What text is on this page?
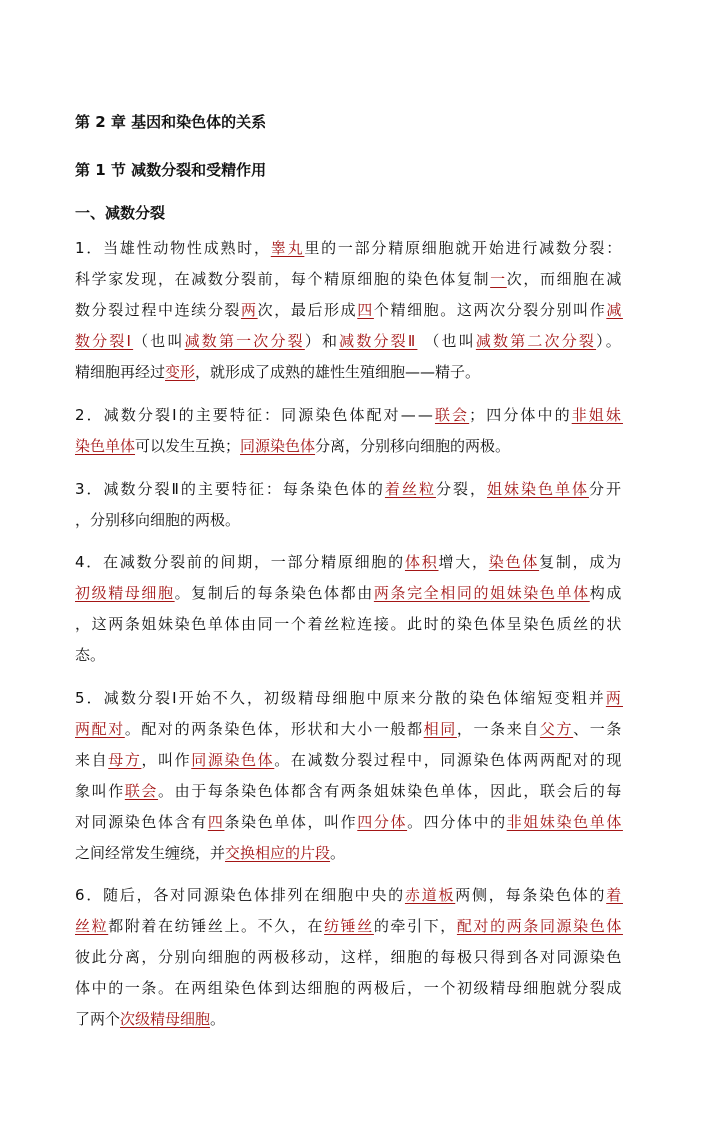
第 2 章 基因和染色体的关系
第 1 节 减数分裂和受精作用
一、减数分裂
1．当雄性动物性成熟时，睾丸里的一部分精原细胞就开始进行减数分裂：
科学家发现，在减数分裂前，每个精原细胞的染色体复制一次，而细胞在减
数分裂过程中连续分裂两次，最后形成四个精细胞。这两次分裂分别叫作减
数分裂Ⅰ（也叫减数第一次分裂）和减数分裂Ⅱ （也叫减数第二次分裂）。
精细胞再经过变形，就形成了成熟的雄性生殖细胞——精子。
2．减数分裂Ⅰ的主要特征：同源染色体配对——联会；四分体中的非姐妹
染色单体可以发生互换；同源染色体分离，分别移向细胞的两极。
3．减数分裂Ⅱ的主要特征：每条染色体的着丝粒分裂，姐妹染色单体分开
，分别移向细胞的两极。
4．在减数分裂前的间期，一部分精原细胞的体积增大，染色体复制，成为
初级精母细胞。复制后的每条染色体都由两条完全相同的姐妹染色单体构成
，这两条姐妹染色单体由同一个着丝粒连接。此时的染色体呈染色质丝的状
态。
5．减数分裂Ⅰ开始不久，初级精母细胞中原来分散的染色体缩短变粗并两
两配对。配对的两条染色体，形状和大小一般都相同，一条来自父方、一条
来自母方，叫作同源染色体。在减数分裂过程中，同源染色体两两配对的现
象叫作联会。由于每条染色体都含有两条姐妹染色单体，因此，联会后的每
对同源染色体含有四条染色单体，叫作四分体。四分体中的非姐妹染色单体
之间经常发生缠绕，并交换相应的片段。
6．随后，各对同源染色体排列在细胞中央的赤道板两侧，每条染色体的着
丝粒都附着在纺锤丝上。不久，在纺锤丝的牵引下，配对的两条同源染色体
彼此分离，分别向细胞的两极移动，这样，细胞的每极只得到各对同源染色
体中的一条。在两组染色体到达细胞的两极后，一个初级精母细胞就分裂成
了两个次级精母细胞。
